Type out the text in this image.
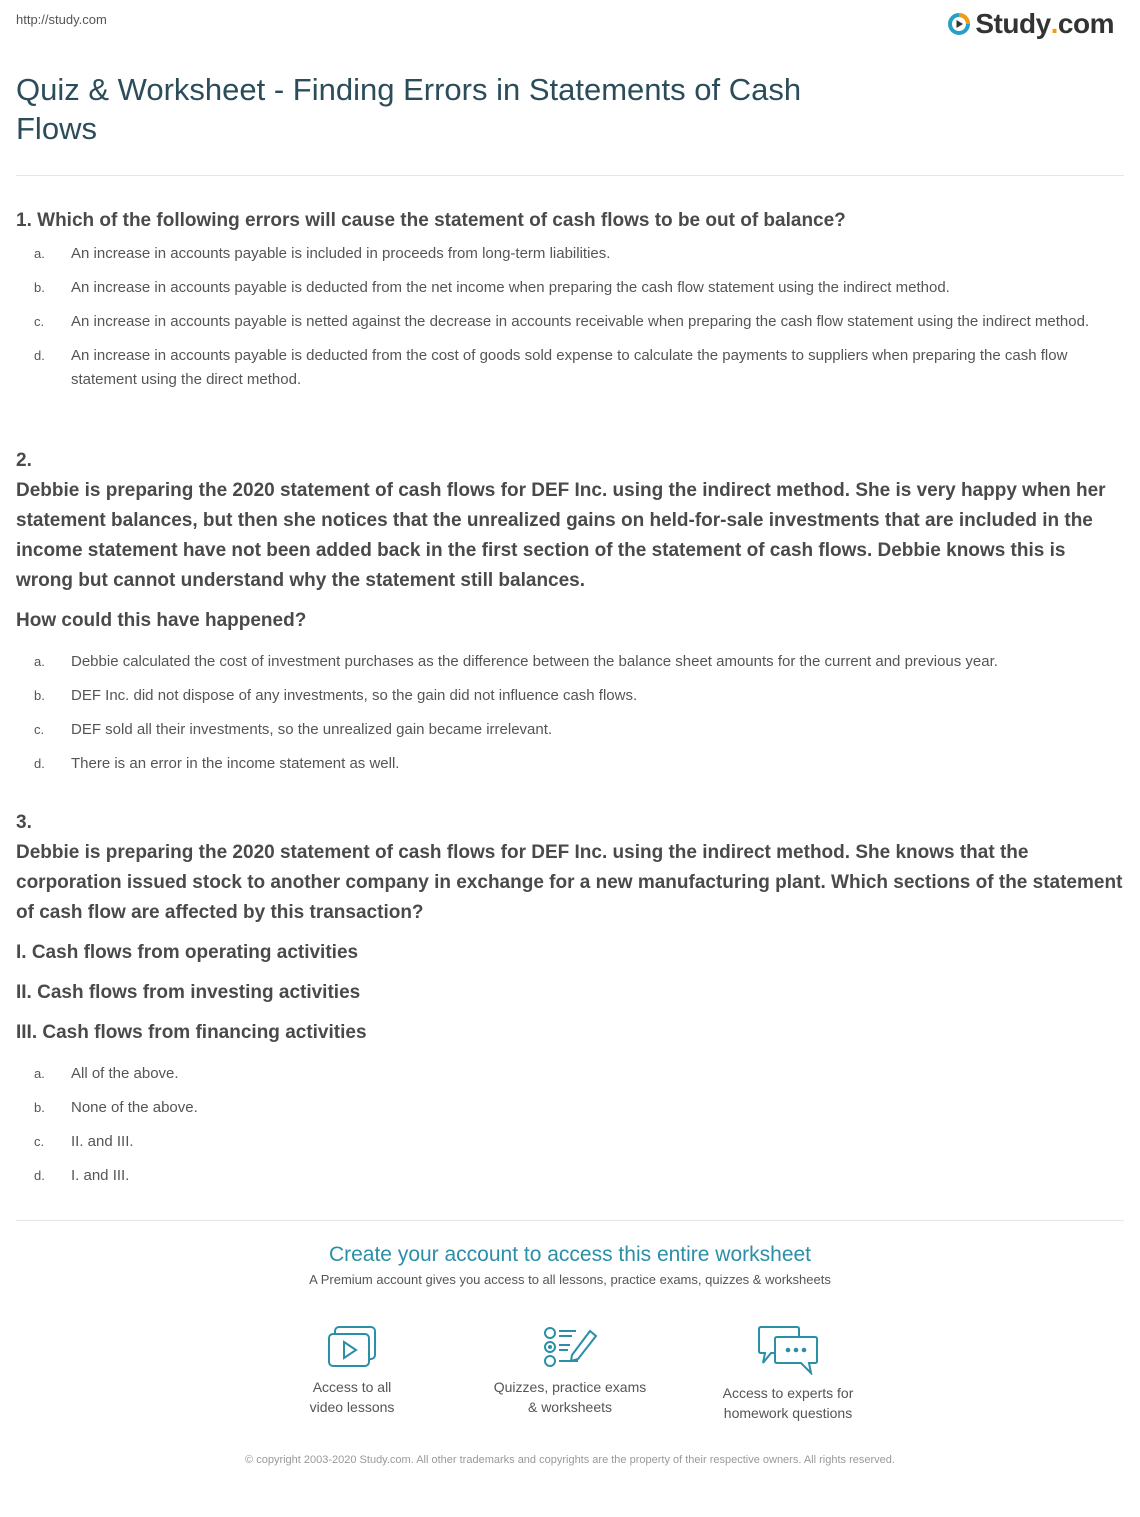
http://study.com	Study . com
Quiz & Worksheet - Finding Errors in Statements of Cash Flows
1. Which of the following errors will cause the statement of cash flows to be out of balance?
a.	An increase in accounts payable is included in proceeds from long-term liabilities.
b.	An increase in accounts payable is deducted from the net income when preparing the cash flow statement using the indirect method.
c.	An increase in accounts payable is netted against the decrease in accounts receivable when preparing the cash flow statement using the indirect method.
d.	An increase in accounts payable is deducted from the cost of goods sold expense to calculate the payments to suppliers when preparing the cash flow statement using the direct method.
2.
Debbie is preparing the 2020 statement of cash flows for DEF Inc. using the indirect method. She is very happy when her statement balances, but then she notices that the unrealized gains on held-for-sale investments that are included in the income statement have not been added back in the first section of the statement of cash flows. Debbie knows this is wrong but cannot understand why the statement still balances.
How could this have happened?
a.	Debbie calculated the cost of investment purchases as the difference between the balance sheet amounts for the current and previous year.
b.	DEF Inc. did not dispose of any investments, so the gain did not influence cash flows.
c.	DEF sold all their investments, so the unrealized gain became irrelevant.
d.	There is an error in the income statement as well.
3.
Debbie is preparing the 2020 statement of cash flows for DEF Inc. using the indirect method. She knows that the corporation issued stock to another company in exchange for a new manufacturing plant. Which sections of the statement of cash flow are affected by this transaction?
I. Cash flows from operating activities
II. Cash flows from investing activities
III. Cash flows from financing activities
a.	All of the above.
b.	None of the above.
c.	II. and III.
d.	I. and III.
Create your account to access this entire worksheet
A Premium account gives you access to all lessons, practice exams, quizzes & worksheets
Access to all
video lessons
Quizzes, practice exams
& worksheets
Access to experts for
homework questions
© copyright 2003-2020 Study.com. All other trademarks and copyrights are the property of their respective owners. All rights reserved.
